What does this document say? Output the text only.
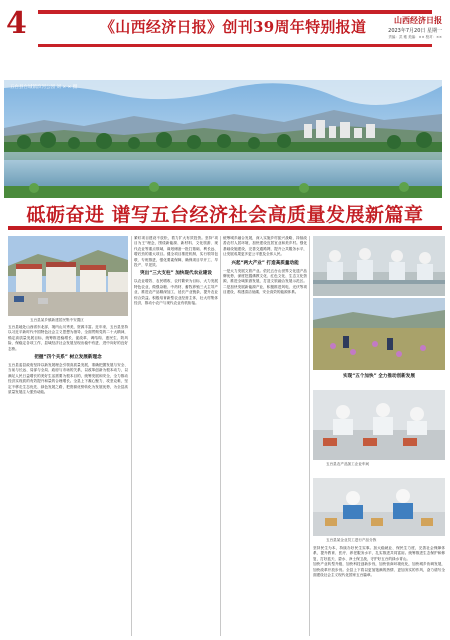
4	《山西经济日报》创刊39周年特别报道	山西经济日报
2023年7月20日 星期一
责编：武 雅 美编：×× 校对：××
五台县台城镇滨河公园 刘 × × 摄
砥砺奋进 谱写五台经济社会高质量发展新篇章
五台县某乡镇新建居民集中安置区
五台县农产品加工企业车间
五台县某企业员工进行产品分拣
五台县地处山西省东北部，境内山川秀美，资源丰富。近年来，五台县坚持以习近平新时代中国特色社会主义思想为指导，全面贯彻党的二十大精神，锚定高质量发展目标，统筹推进稳增长、促改革、调结构、惠民生、防风险、保稳定各项工作，县域经济社会发展呈现出稳中有进、进中向好的良好态势。
把握“四个关系” 树立发展新理念
五台县委县政府坚持以新发展理念引领高质量发展，准确把握发展与安全、当前与长远、局部与全局、政府与市场的关系，以改革创新为根本动力，以满足人民日益增长的美好生活需要为根本目的，统筹发展和安全，全力推动经济实现质的有效提升和量的合理增长。全县上下凝心聚力、攻坚克难，坚定不移走生态优先、绿色发展之路，把资源优势转化为发展优势，为全县高质量发展注入强劲动能。
紧盯项目建设不放松，着力扩大有效投资。坚持“项目为王”理念，围绕新能源、新材料、文化旅游、现代农业等重点领域，谋划储备一批打基础、利长远、增后劲的重大项目。健全项目推进机制，实行领导包联、专班推进，强化要素保障，确保项目早开工、早投产、早见效。
突出“三大支柱” 加快现代农业建设
以农业增效、农民增收、农村繁荣为目标，大力发展特色农业，做强杂粮、中药材、畜牧养殖三大主导产业，推进农产品精深加工，延长产业链条，提升农业综合效益。积极培育新型农业经营主体，壮大村集体经济，推动小农户与现代农业有机衔接。
统筹城乡融合发展，深入实施乡村振兴战略，持续改善农村人居环境，加快建设宜居宜业和美乡村。强化基础设施建设，完善交通路网，提升公共服务水平，让发展成果更多更公平惠及全体人民。
兴起“两大产业” 打造高质量动能
一是大力发展文旅产业。依托五台山世界文化遗产品牌优势，深度挖掘佛教文化、红色文化、生态文化资源，推进全域旅游发展，打造文旅融合发展示范区。二是加快发展新能源产业，积极推进风电、光伏等项目建设，构建清洁低碳、安全高效的能源体系。
实现“五个加快” 全力推动创新发展
坚持民生为本，持续办好民生实事。加大稳就业、保民生力度，完善社会保障体系，提升教育、医疗、养老服务水平，扎实推进共同富裕。统筹推进生态保护和修复，打好蓝天、碧水、净土保卫战，守护好五台的绿水青山。
加快产业转型升级，加快科技创新步伐，加快营商环境优化，加快城乡协调发展，加快改革开放步伐。全县上下将以更加饱满的热情、更加务实的作风，奋力谱写全面建设社会主义现代化国家五台篇章。
